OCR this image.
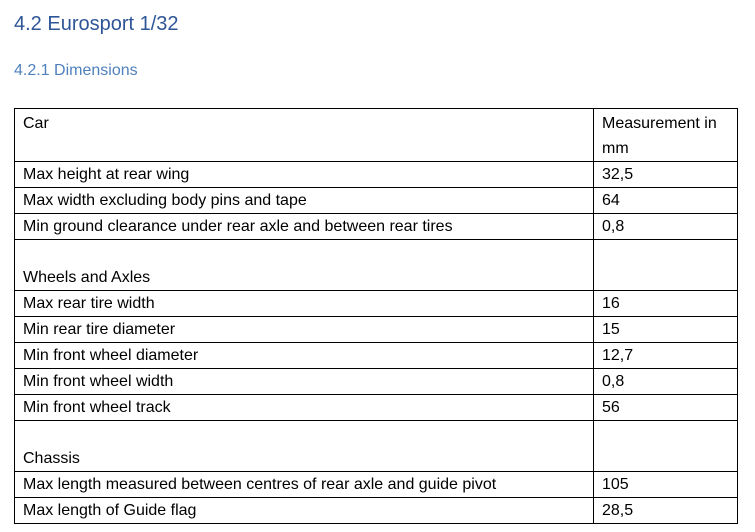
4.2 Eurosport 1/32
4.2.1 Dimensions
Car	Measurement in mm
Max height at rear wing	32,5
Max width excluding body pins and tape	64
Min ground clearance under rear axle and between rear tires	0,8
Wheels and Axles	
Max rear tire width	16
Min rear tire diameter	15
Min front wheel diameter	12,7
Min front wheel width	0,8
Min front wheel track	56
Chassis	
Max length measured between centres of rear axle and guide pivot	105
Max length of Guide flag	28,5
